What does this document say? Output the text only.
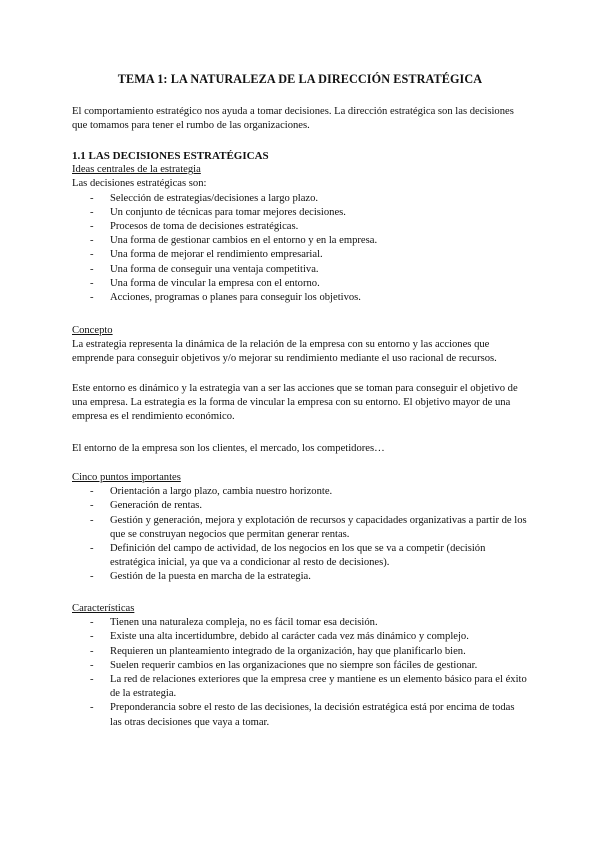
TEMA 1: LA NATURALEZA DE LA DIRECCIÓN ESTRATÉGICA

El comportamiento estratégico nos ayuda a tomar decisiones. La dirección estratégica son las decisiones que tomamos para tener el rumbo de las organizaciones.

1.1 LAS DECISIONES ESTRATÉGICAS

Ideas centrales de la estrategia

Las decisiones estratégicas son:

- Selección de estrategias/decisiones a largo plazo.
- Un conjunto de técnicas para tomar mejores decisiones.
- Procesos de toma de decisiones estratégicas.
- Una forma de gestionar cambios en el entorno y en la empresa.
- Una forma de mejorar el rendimiento empresarial.
- Una forma de conseguir una ventaja competitiva.
- Una forma de vincular la empresa con el entorno.
- Acciones, programas o planes para conseguir los objetivos.

Concepto

La estrategia representa la dinámica de la relación de la empresa con su entorno y las acciones que emprende para conseguir objetivos y/o mejorar su rendimiento mediante el uso racional de recursos.

Este entorno es dinámico y la estrategia van a ser las acciones que se toman para conseguir el objetivo de una empresa. La estrategia es la forma de vincular la empresa con su entorno. El objetivo mayor de una empresa es el rendimiento económico.

El entorno de la empresa son los clientes, el mercado, los competidores…

Cinco puntos importantes

- Orientación a largo plazo, cambia nuestro horizonte.
- Generación de rentas.
- Gestión y generación, mejora y explotación de recursos y capacidades organizativas a partir de los que se construyan negocios que permitan generar rentas.
- Definición del campo de actividad, de los negocios en los que se va a competir (decisión estratégica inicial, ya que va a condicionar al resto de decisiones).
- Gestión de la puesta en marcha de la estrategia.

Características

- Tienen una naturaleza compleja, no es fácil tomar esa decisión.
- Existe una alta incertidumbre, debido al carácter cada vez más dinámico y complejo.
- Requieren un planteamiento integrado de la organización, hay que planificarlo bien.
- Suelen requerir cambios en las organizaciones que no siempre son fáciles de gestionar.
- La red de relaciones exteriores que la empresa cree y mantiene es un elemento básico para el éxito de la estrategia.
- Preponderancia sobre el resto de las decisiones, la decisión estratégica está por encima de todas las otras decisiones que vaya a tomar.
